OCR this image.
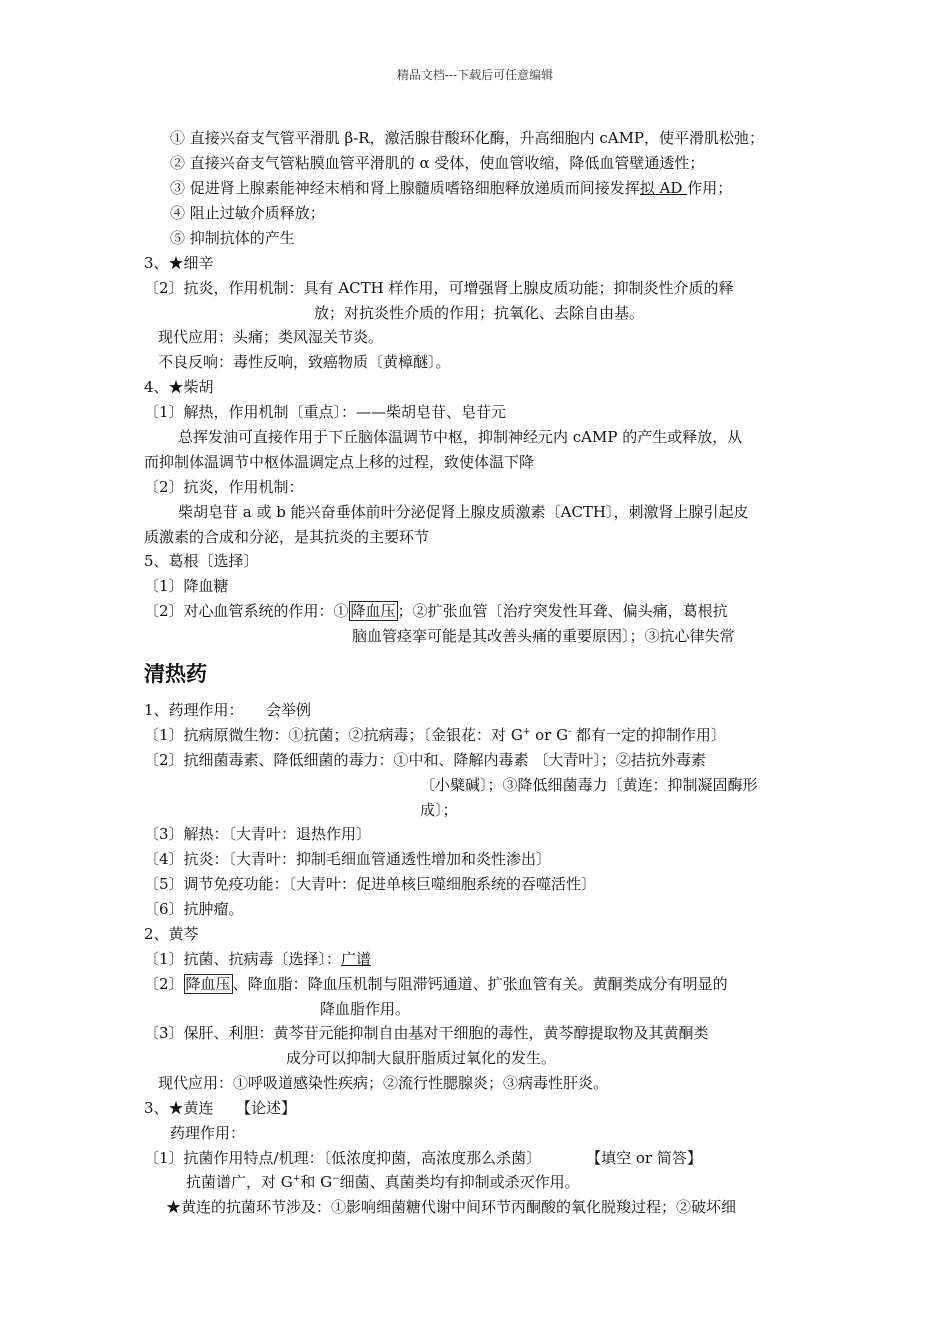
精品文档---下载后可任意编辑
① 直接兴奋支气管平滑肌 β-R，激活腺苷酸环化酶，升高细胞内 cAMP，使平滑肌松弛；
② 直接兴奋支气管粘膜血管平滑肌的 α 受体，使血管收缩，降低血管壁通透性；
③ 促进肾上腺素能神经末梢和肾上腺髓质嗜铬细胞释放递质而间接发挥拟 AD 作用；
④ 阻止过敏介质释放；
⑤ 抑制抗体的产生
3、★细辛
〔2〕抗炎，作用机制：具有 ACTH 样作用，可增强肾上腺皮质功能；抑制炎性介质的释
放；对抗炎性介质的作用；抗氧化、去除自由基。
现代应用：头痛；类风湿关节炎。
不良反响：毒性反响，致癌物质〔黄樟醚〕。
4、★柴胡
〔1〕解热，作用机制〔重点〕：——柴胡皂苷、皂苷元
总挥发油可直接作用于下丘脑体温调节中枢，抑制神经元内 cAMP 的产生或释放，从
而抑制体温调节中枢体温调定点上移的过程，致使体温下降
〔2〕抗炎，作用机制：
柴胡皂苷 a 或 b 能兴奋垂体前叶分泌促肾上腺皮质激素〔ACTH〕，刺激肾上腺引起皮
质激素的合成和分泌，是其抗炎的主要环节
5、葛根〔选择〕
〔1〕降血糖
〔2〕对心血管系统的作用：① 降血压 ；②扩张血管〔治疗突发性耳聋、偏头痛，葛根抗
脑血管痉挛可能是其改善头痛的重要原因〕；③抗心律失常
清热药
1、药理作用：　　会举例
〔1〕抗病原微生物：①抗菌；②抗病毒；〔金银花：对 G+ or G- 都有一定的抑制作用〕
〔2〕抗细菌毒素、降低细菌的毒力：①中和、降解内毒素 〔大青叶〕；②拮抗外毒素
〔小檗碱〕；③降低细菌毒力〔黄连：抑制凝固酶形
成〕；
〔3〕解热：〔大青叶：退热作用〕
〔4〕抗炎：〔大青叶：抑制毛细血管通透性增加和炎性渗出〕
〔5〕调节免疫功能：〔大青叶：促进单核巨噬细胞系统的吞噬活性〕
〔6〕抗肿瘤。
2、黄芩
〔1〕抗菌、抗病毒〔选择〕：广谱
〔2〕 降血压 、降血脂：降血压机制与阻滞钙通道、扩张血管有关。黄酮类成分有明显的
降血脂作用。
〔3〕保肝、利胆：黄芩苷元能抑制自由基对干细胞的毒性，黄芩醇提取物及其黄酮类
成分可以抑制大鼠肝脂质过氧化的发生。
现代应用：①呼吸道感染性疾病；②流行性腮腺炎；③病毒性肝炎。
3、★黄连　　【论述】
药理作用：
〔1〕抗菌作用特点/机理：〔低浓度抑菌，高浓度那么杀菌〕　　　　【填空 or 简答】
抗菌谱广，对 G+和 G−细菌、真菌类均有抑制或杀灭作用。
★黄连的抗菌环节涉及：①影响细菌糖代谢中间环节丙酮酸的氧化脱羧过程；②破坏细
